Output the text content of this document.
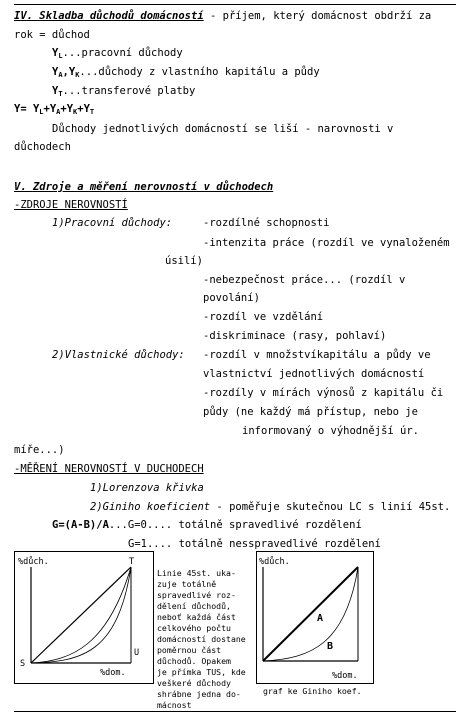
IV. Skladba důchodů domácností - příjem, který domácnost obdrží za
rok = důchod
$Y_L...pracovní$ důchody
$Y_A,Y_K...důchody$ z vlastního kapitálu a půdy
$Y_T...transferové$ platby
$Y= Y_L+Y_A+Y_K+Y_T$
Důchody jednotlivých domácností se liší - narovnosti v
důchodech
V. Zdroje a měření nerovností v důchodech
-ZDROJE NEROVNOSTÍ
1)Pracovní důchody:	-rozdílné schopnosti
-intenzita práce (rozdíl ve vynaloženém
úsilí)
-nebezpečnost práce... (rozdíl v
povolání)
-rozdíl ve vzdělání
-diskriminace (rasy, pohlaví)
2)Vlastnické důchody: -rozdíl v množstvíkapitálu a půdy ve
vlastnictví jednotlivých domácností
-rozdíly v mírách výnosů z kapitálu či
půdy (ne každý má přístup, nebo je
informovaný o výhodnější úr.
míře...)
-MĚŘENÍ NEROVNOSTÍ V DUCHODECH
1)Lorenzova křivka
2)Giniho koeficient - poměřuje skutečnou LC s linií 45st.
G=(A-B)/A...G=0.... totálně spravedlivé rozdělení
G=1.... totálně nesspravedlivé rozdělení
%důch.	T
S
U
%dom.
Linie 45st. uka-
zuje totálně
spravedlivé roz-
dělení důchodů,
neboť každá část
celkového počtu
domácností dostane
poměrnou část
důchodů. Opakem
je přímka TUS, kde
veškeré důchody
shrábne jedna do-
mácnost
%důch.
A
B
%dom.
graf ke Giniho koef.
